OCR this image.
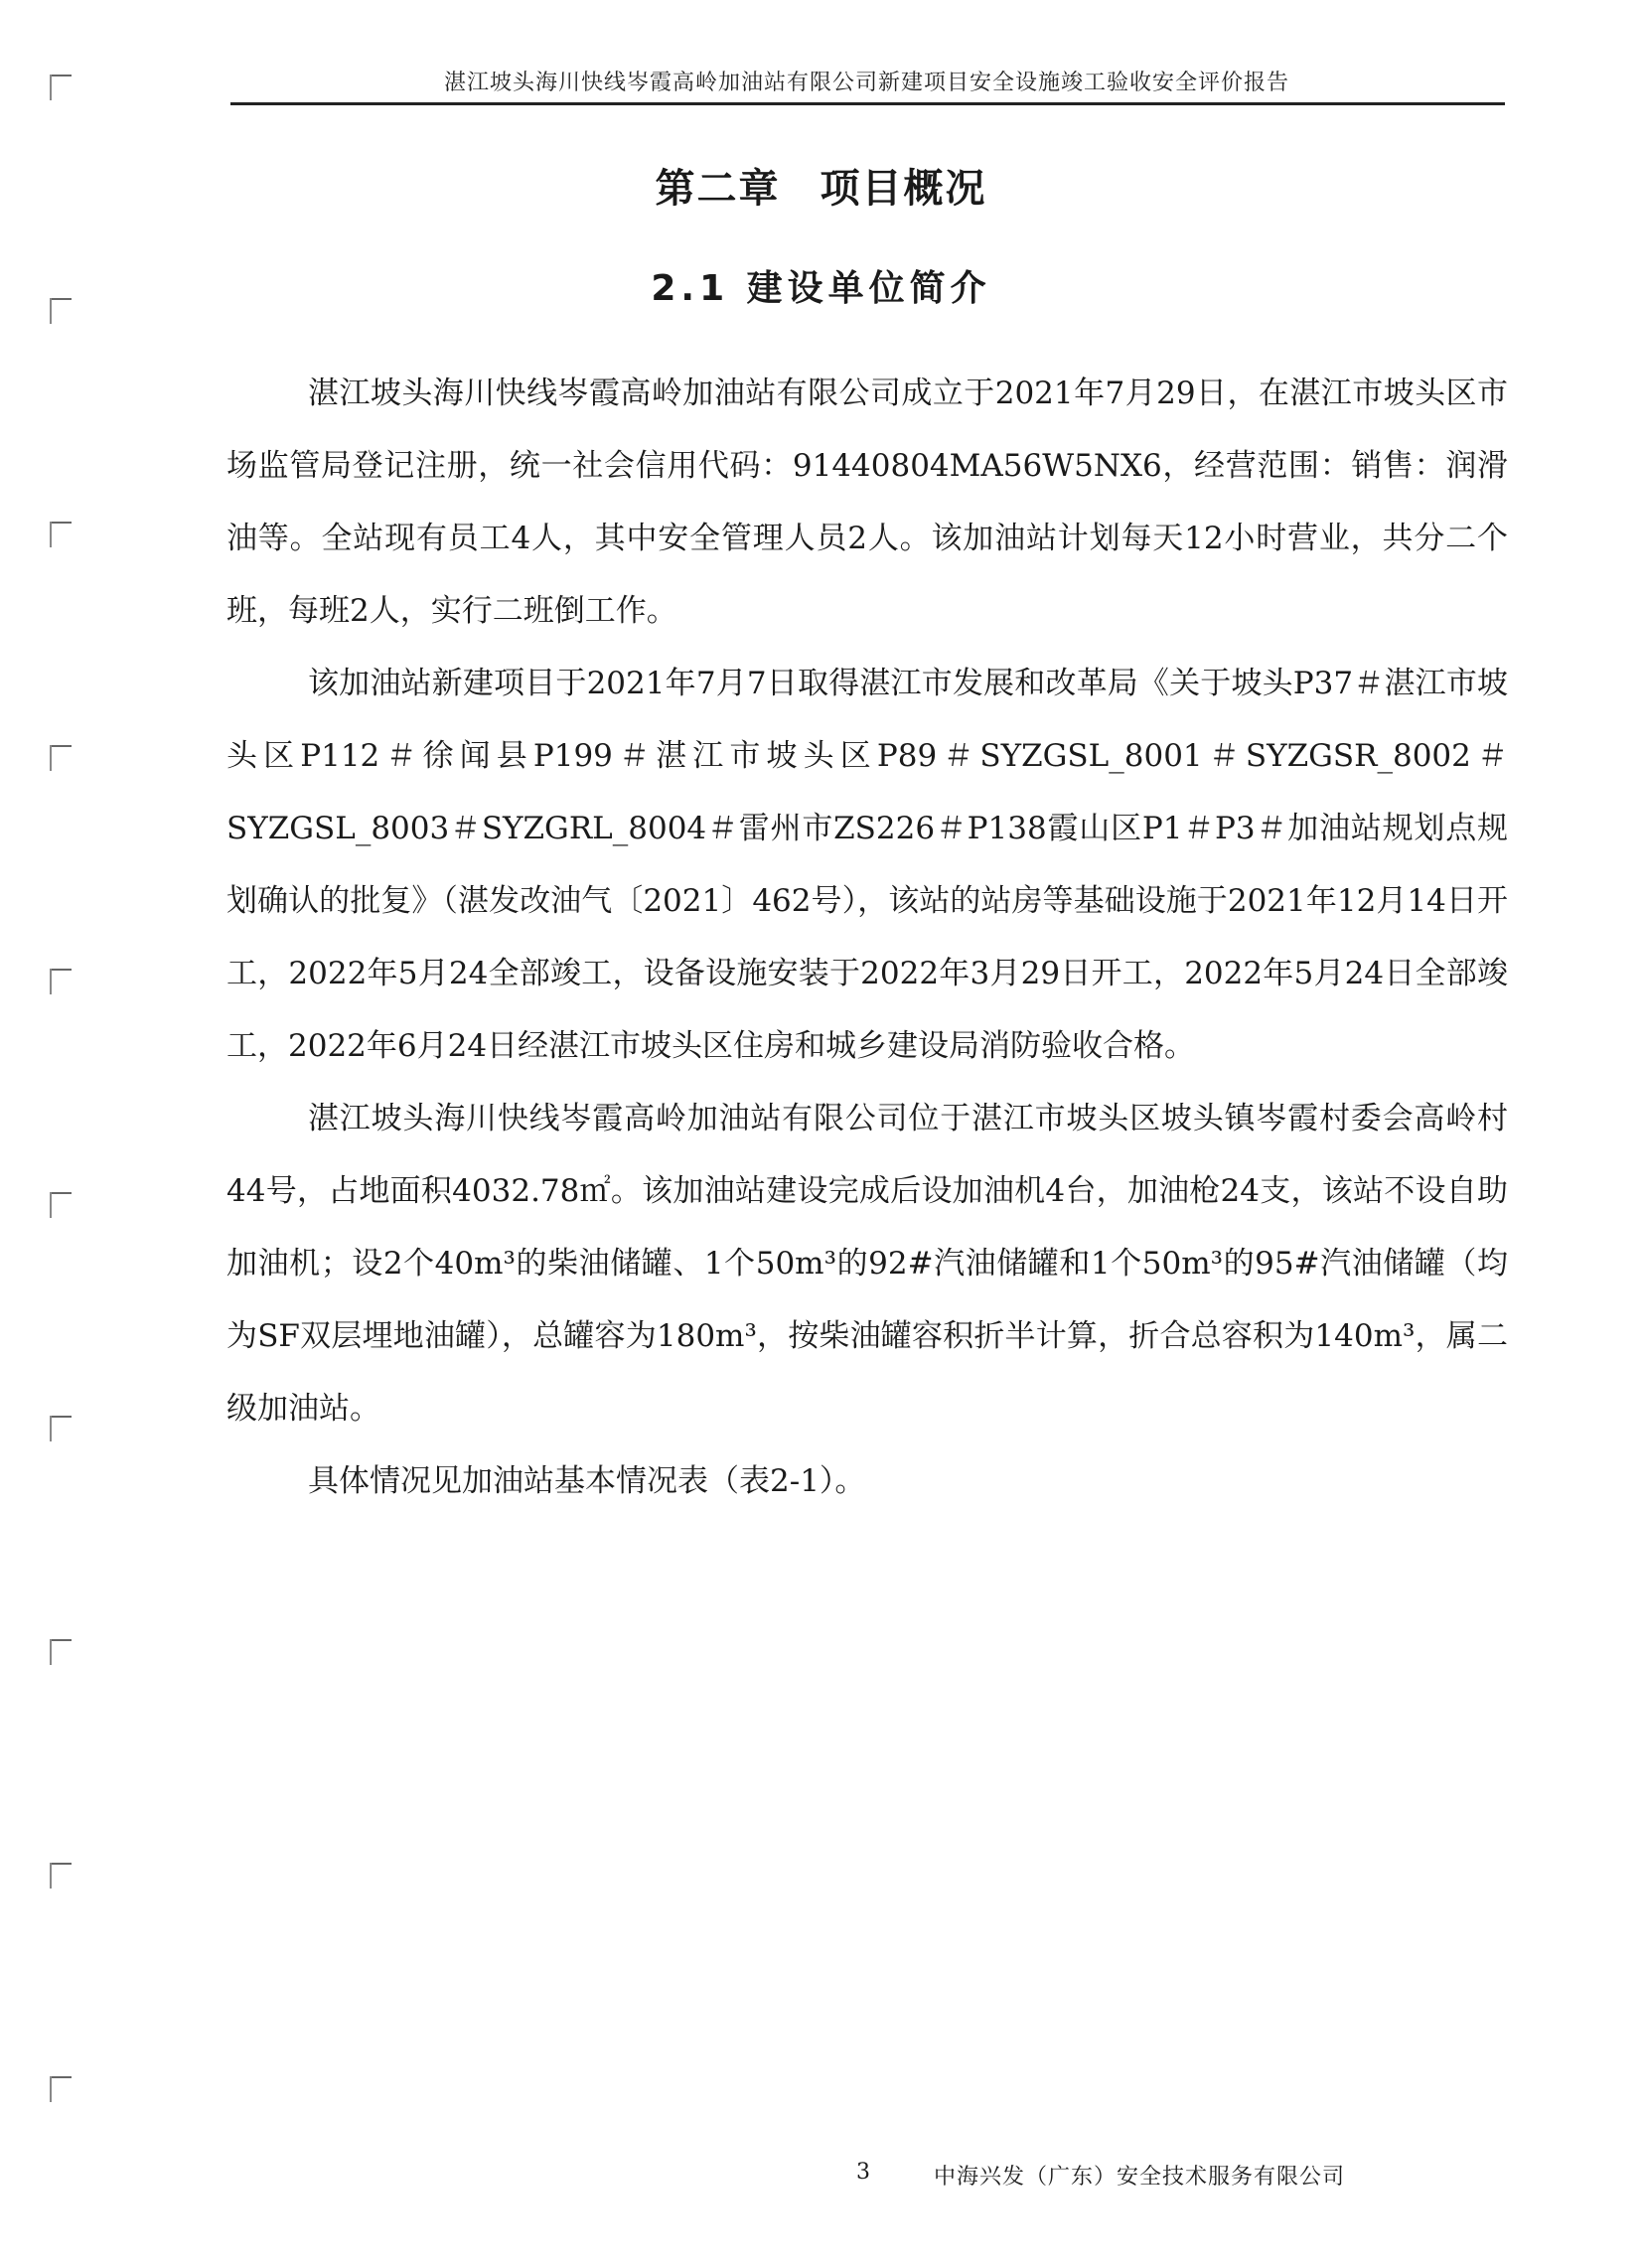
湛江坡头海川快线岑霞高岭加油站有限公司新建项目安全设施竣工验收安全评价报告
第二章 项目概况
2.1 建设单位简介

湛江坡头海川快线岑霞高岭加油站有限公司成立于2021年7月29日，在湛江市坡头区市场监管局登记注册，统一社会信用代码：91440804MA56W5NX6，经营范围：销售：润滑油等。全站现有员工4人，其中安全管理人员2人。该加油站计划每天12小时营业，共分二个班，每班2人，实行二班倒工作。

该加油站新建项目于2021年7月7日取得湛江市发展和改革局《关于坡头P37＃湛江市坡头区P112＃徐闻县P199＃湛江市坡头区P89＃SYZGSL_8001＃SYZGSR_8002＃SYZGSL_8003＃SYZGRL_8004＃雷州市ZS226＃P138霞山区P1＃P3＃加油站规划点规划确认的批复》（湛发改油气〔2021〕462号），该站的站房等基础设施于2021年12月14日开工，2022年5月24全部竣工，设备设施安装于2022年3月29日开工，2022年5月24日全部竣工，2022年6月24日经湛江市坡头区住房和城乡建设局消防验收合格。

湛江坡头海川快线岑霞高岭加油站有限公司位于湛江市坡头区坡头镇岑霞村委会高岭村44号，占地面积4032.78㎡。该加油站建设完成后设加油机4台，加油枪24支，该站不设自助加油机；设2个40m³的柴油储罐、1个50m³的92#汽油储罐和1个50m³的95#汽油储罐（均为SF双层埋地油罐），总罐容为180m³，按柴油罐容积折半计算，折合总容积为140m³，属二级加油站。

具体情况见加油站基本情况表（表2-1）。

3	中海兴发（广东）安全技术服务有限公司
